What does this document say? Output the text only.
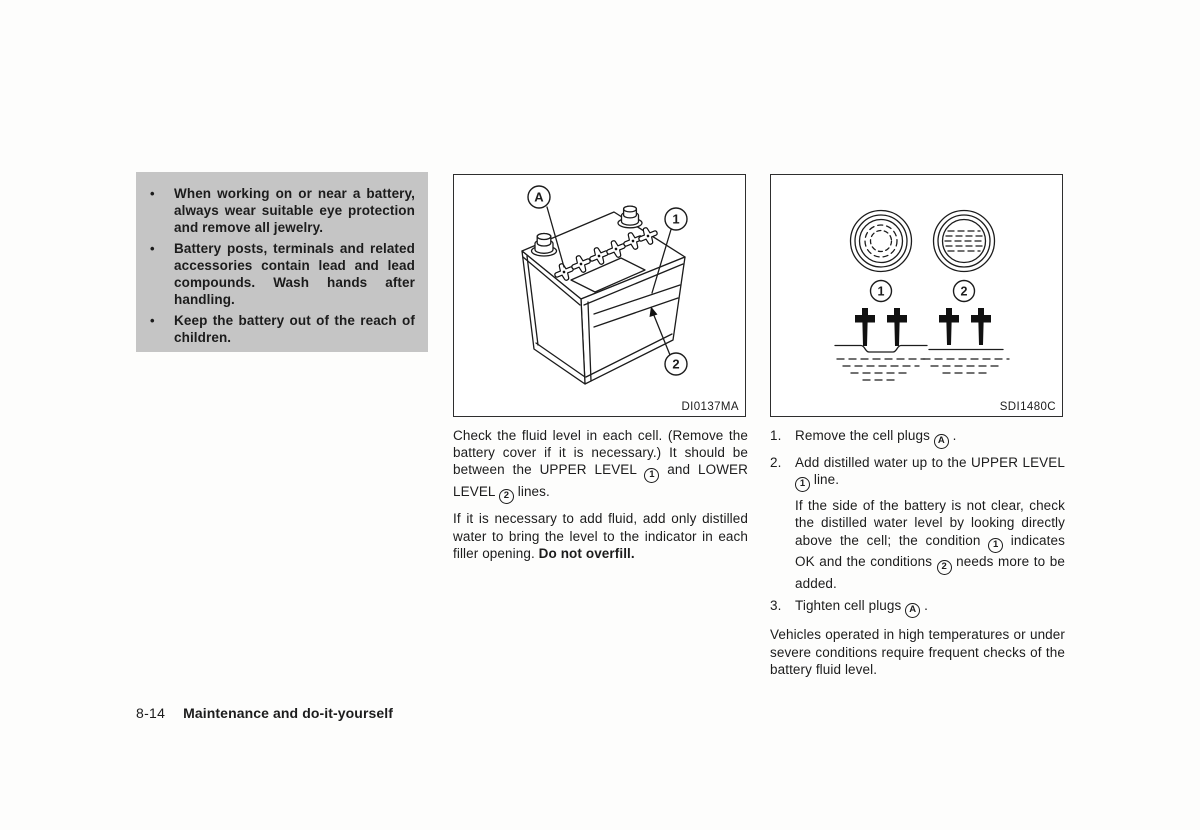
•	When working on or near a battery, always wear suitable eye protection and remove all jewelry.
•	Battery posts, terminals and related accessories contain lead and lead compounds. Wash hands after handling.
•	Keep the battery out of the reach of children.
A
1
2
DI0137MA
1	2
SDI1480C

Check the fluid level in each cell. (Remove the battery cover if it is necessary.) It should be between the UPPER LEVEL 1 and LOWER LEVEL 2 lines.

If it is necessary to add fluid, add only distilled water to bring the level to the indicator in each filler opening. Do not overfill.

1.	Remove the cell plugs A .
2.	Add distilled water up to the UPPER LEVEL 1 line.
If the side of the battery is not clear, check the distilled water level by looking directly above the cell; the condition 1 indicates OK and the conditions 2 needs more to be added.
3.	Tighten cell plugs A .
Vehicles operated in high temperatures or under severe conditions require frequent checks of the battery fluid level.
8-14 Maintenance and do-it-yourself
